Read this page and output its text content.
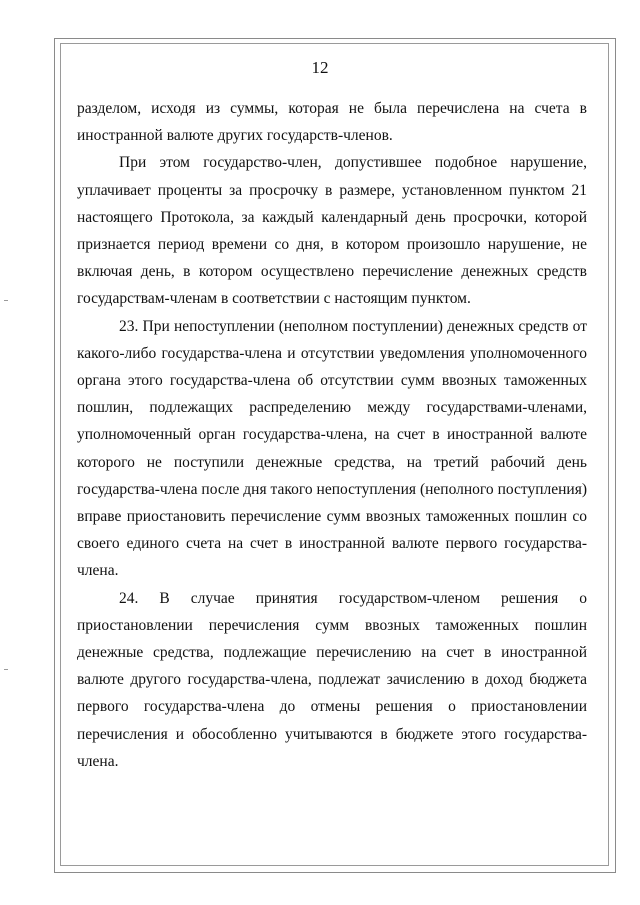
12
разделом, исходя из суммы, которая не была перечислена на счета в иностранной валюте других государств-членов.
При этом государство-член, допустившее подобное нарушение, уплачивает проценты за просрочку в размере, установленном пунктом 21 настоящего Протокола, за каждый календарный день просрочки, которой признается период времени со дня, в котором произошло нарушение, не включая день, в котором осуществлено перечисление денежных средств государствам-членам в соответствии с настоящим пунктом.
23. При непоступлении (неполном поступлении) денежных средств от какого-либо государства-члена и отсутствии уведомления уполномоченного органа этого государства-члена об отсутствии сумм ввозных таможенных пошлин, подлежащих распределению между государствами-членами, уполномоченный орган государства-члена, на счет в иностранной валюте которого не поступили денежные средства, на третий рабочий день государства-члена после дня такого непоступления (неполного поступления) вправе приостановить перечисление сумм ввозных таможенных пошлин со своего единого счета на счет в иностранной валюте первого государства-члена.
24. В случае принятия государством-членом решения о приостановлении перечисления сумм ввозных таможенных пошлин денежные средства, подлежащие перечислению на счет в иностранной валюте другого государства-члена, подлежат зачислению в доход бюджета первого государства-члена до отмены решения о приостановлении перечисления и обособленно учитываются в бюджете этого государства-члена.
